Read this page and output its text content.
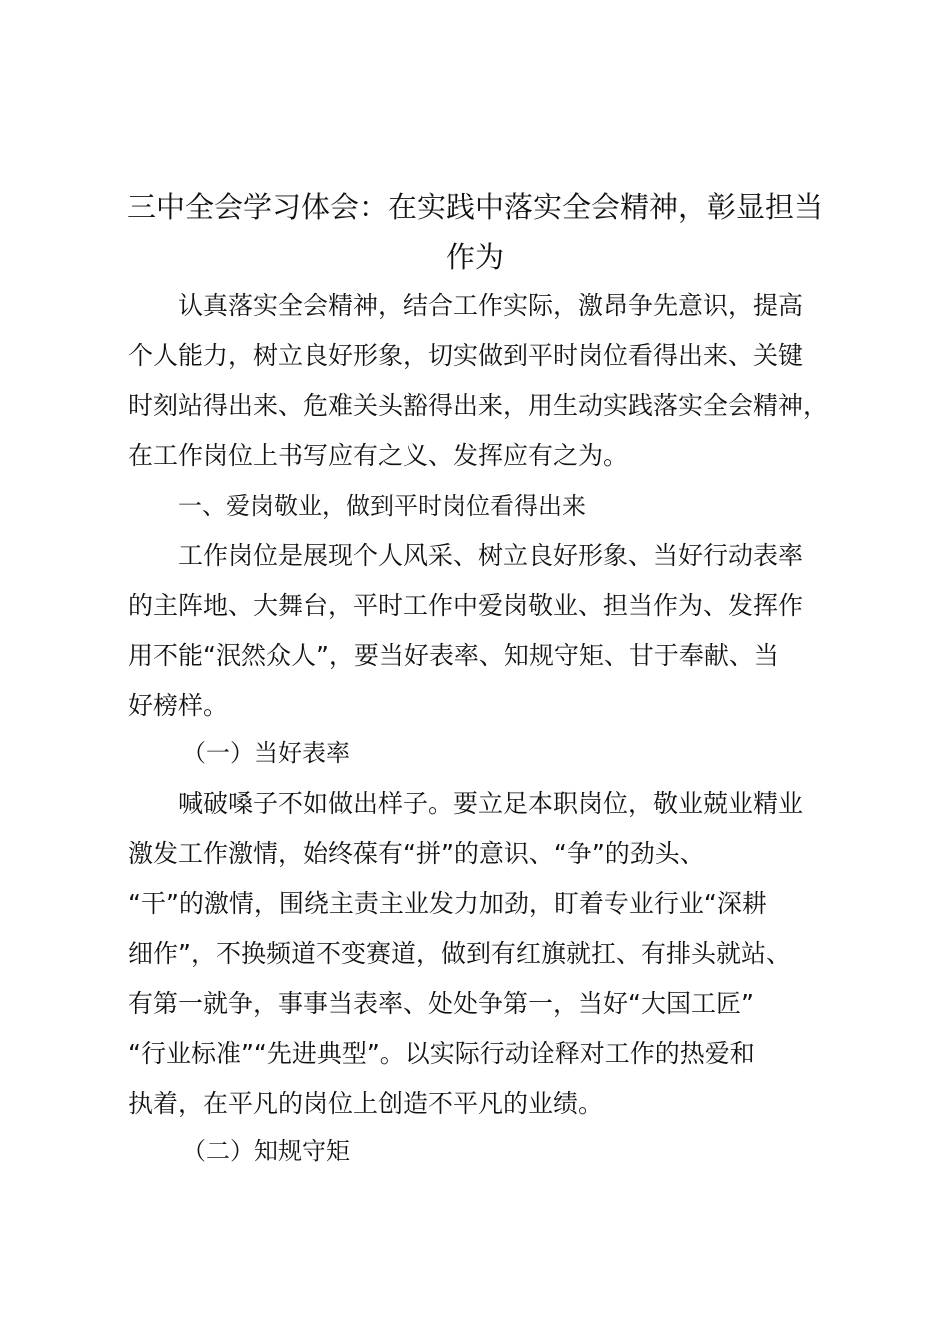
三中全会学习体会：在实践中落实全会精神，彰显担当
作为

认真落实全会精神，结合工作实际，激昂争先意识，提高

个人能力，树立良好形象，切实做到平时岗位看得出来、关键

时刻站得出来、危难关头豁得出来，用生动实践落实全会精神，

在工作岗位上书写应有之义、发挥应有之为。

一、爱岗敬业，做到平时岗位看得出来

工作岗位是展现个人风采、树立良好形象、当好行动表率

的主阵地、大舞台，平时工作中爱岗敬业、担当作为、发挥作

用不能“泯然众人”，要当好表率、知规守矩、甘于奉献、当

好榜样。

（一）当好表率

喊破嗓子不如做出样子。要立足本职岗位，敬业兢业精业

激发工作激情，始终葆有“拼”的意识、“争”的劲头、

“干”的激情，围绕主责主业发力加劲，盯着专业行业“深耕

细作”，不换频道不变赛道，做到有红旗就扛、有排头就站、

有第一就争，事事当表率、处处争第一，当好“大国工匠”

“行业标准”“先进典型”。以实际行动诠释对工作的热爱和

执着，在平凡的岗位上创造不平凡的业绩。

（二）知规守矩
